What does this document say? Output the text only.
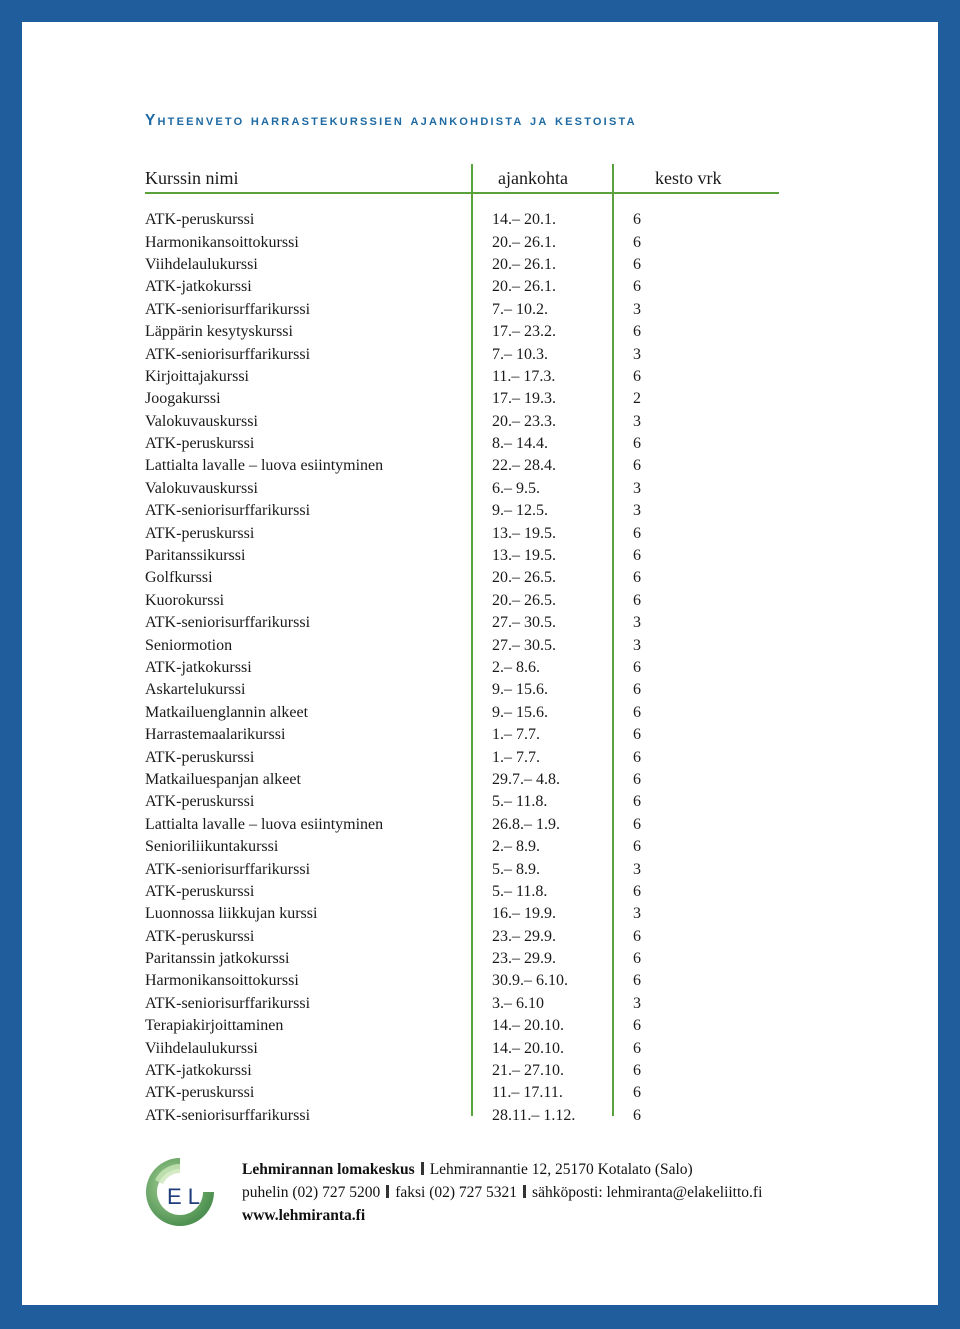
Yhteenveto harrastekurssien ajankohdista ja kestoista
Kurssin nimi	ajankohta	kesto vrk
ATK-peruskurssi	14.– 20.1.	6
Harmonikansoittokurssi	20.– 26.1.	6
Viihdelaulukurssi	20.– 26.1.	6
ATK-jatkokurssi	20.– 26.1.	6
ATK-seniorisurffarikurssi	7.– 10.2.	3
Läppärin kesytyskurssi	17.– 23.2.	6
ATK-seniorisurffarikurssi	7.– 10.3.	3
Kirjoittajakurssi	11.– 17.3.	6
Joogakurssi	17.– 19.3.	2
Valokuvauskurssi	20.– 23.3.	3
ATK-peruskurssi	8.– 14.4.	6
Lattialta lavalle – luova esiintyminen	22.– 28.4.	6
Valokuvauskurssi	6.– 9.5.	3
ATK-seniorisurffarikurssi	9.– 12.5.	3
ATK-peruskurssi	13.– 19.5.	6
Paritanssikurssi	13.– 19.5.	6
Golfkurssi	20.– 26.5.	6
Kuorokurssi	20.– 26.5.	6
ATK-seniorisurffarikurssi	27.– 30.5.	3
Seniormotion	27.– 30.5.	3
ATK-jatkokurssi	2.– 8.6.	6
Askartelukurssi	9.– 15.6.	6
Matkailuenglannin alkeet	9.– 15.6.	6
Harrastemaalarikurssi	1.– 7.7.	6
ATK-peruskurssi	1.– 7.7.	6
Matkailuespanjan alkeet	29.7.– 4.8.	6
ATK-peruskurssi	5.– 11.8.	6
Lattialta lavalle – luova esiintyminen	26.8.– 1.9.	6
Senioriliikuntakurssi	2.– 8.9.	6
ATK-seniorisurffarikurssi	5.– 8.9.	3
ATK-peruskurssi	5.– 11.8.	6
Luonnossa liikkujan kurssi	16.– 19.9.	3
ATK-peruskurssi	23.– 29.9.	6
Paritanssin jatkokurssi	23.– 29.9.	6
Harmonikansoittokurssi	30.9.– 6.10.	6
ATK-seniorisurffarikurssi	3.– 6.10	3
Terapiakirjoittaminen	14.– 20.10.	6
Viihdelaulukurssi	14.– 20.10.	6
ATK-jatkokurssi	21.– 27.10.	6
ATK-peruskurssi	11.– 17.11.	6
ATK-seniorisurffarikurssi	28.11.– 1.12.	6
E L
Lehmirannan lomakeskus Lehmirannantie 12, 25170 Kotalato (Salo)
puhelin (02) 727 5200 faksi (02) 727 5321 sähköposti: lehmiranta@elakeliitto.fi
www.lehmiranta.fi
